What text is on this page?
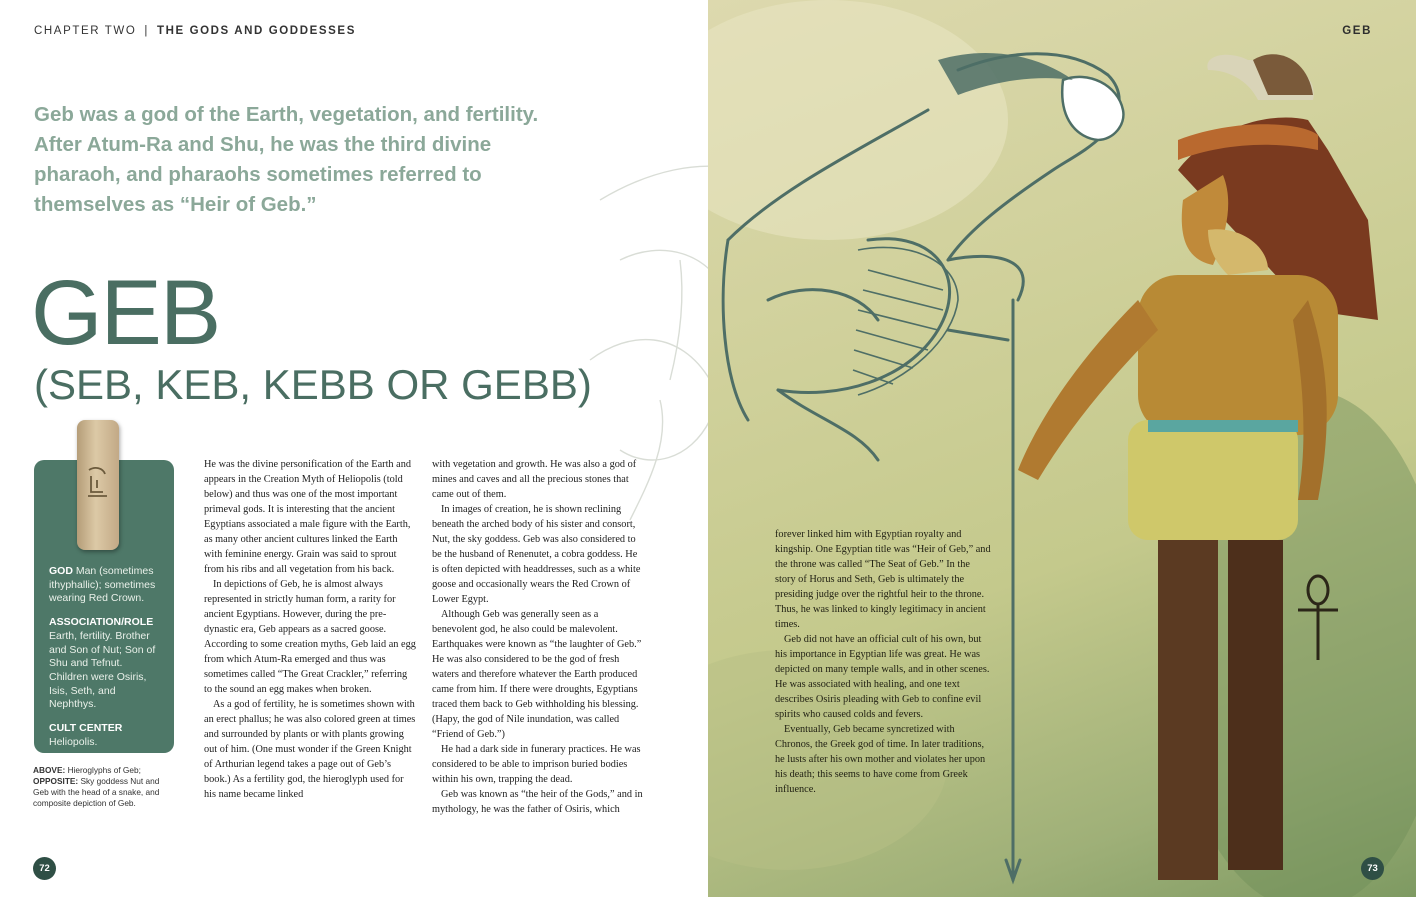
CHAPTER TWO | THE GODS AND GODDESSES	GEB
Geb was a god of the Earth, vegetation, and fertility. After Atum-Ra and Shu, he was the third divine pharaoh, and pharaohs sometimes referred to themselves as “Heir of Geb.”
GEB
(SEB, KEB, KEBB OR GEBB)

GOD Man (sometimes ithyphallic); sometimes wearing Red Crown.

ASSOCIATION/ROLE
Earth, fertility. Brother and Son of Nut; Son of Shu and Tefnut. Children were Osiris, Isis, Seth, and Nephthys.

CULT CENTER Heliopolis.

ABOVE: Hieroglyphs of Geb; OPPOSITE: Sky goddess Nut and Geb with the head of a snake, and composite depiction of Geb.

He was the divine personification of the Earth and appears in the Creation Myth of Heliopolis (told below) and thus was one of the most important primeval gods. It is interesting that the ancient Egyptians associated a male figure with the Earth, as many other ancient cultures linked the Earth with feminine energy. Grain was said to sprout from his ribs and all vegetation from his back.

In depictions of Geb, he is almost always represented in strictly human form, a rarity for ancient Egyptians. However, during the pre-dynastic era, Geb appears as a sacred goose. According to some creation myths, Geb laid an egg from which Atum-Ra emerged and thus was sometimes called “The Great Crackler,” referring to the sound an egg makes when broken.

As a god of fertility, he is sometimes shown with an erect phallus; he was also colored green at times and surrounded by plants or with plants growing out of him. (One must wonder if the Green Knight of Arthurian legend takes a page out of Geb’s book.) As a fertility god, the hieroglyph used for his name became linked

with vegetation and growth. He was also a god of mines and caves and all the precious stones that came out of them.

In images of creation, he is shown reclining beneath the arched body of his sister and consort, Nut, the sky goddess. Geb was also considered to be the husband of Renenutet, a cobra goddess. He is often depicted with headdresses, such as a white goose and occasionally wears the Red Crown of Lower Egypt.

Although Geb was generally seen as a benevolent god, he also could be malevolent. Earthquakes were known as “the laughter of Geb.” He was also considered to be the god of fresh waters and therefore whatever the Earth produced came from him. If there were droughts, Egyptians traced them back to Geb withholding his blessing. (Hapy, the god of Nile inundation, was called “Friend of Geb.”)

He had a dark side in funerary practices. He was considered to be able to imprison buried bodies within his own, trapping the dead.

Geb was known as “the heir of the Gods,” and in mythology, he was the father of Osiris, which

forever linked him with Egyptian royalty and kingship. One Egyptian title was “Heir of Geb,” and the throne was called “The Seat of Geb.” In the story of Horus and Seth, Geb is ultimately the presiding judge over the rightful heir to the throne. Thus, he was linked to kingly legitimacy in ancient times.

Geb did not have an official cult of his own, but his importance in Egyptian life was great. He was depicted on many temple walls, and in other scenes. He was associated with healing, and one text describes Osiris pleading with Geb to confine evil spirits who caused colds and fevers.

Eventually, Geb became syncretized with Chronos, the Greek god of time. In later traditions, he lusts after his own mother and violates her upon his death; this seems to have come from Greek influence.

72	73
